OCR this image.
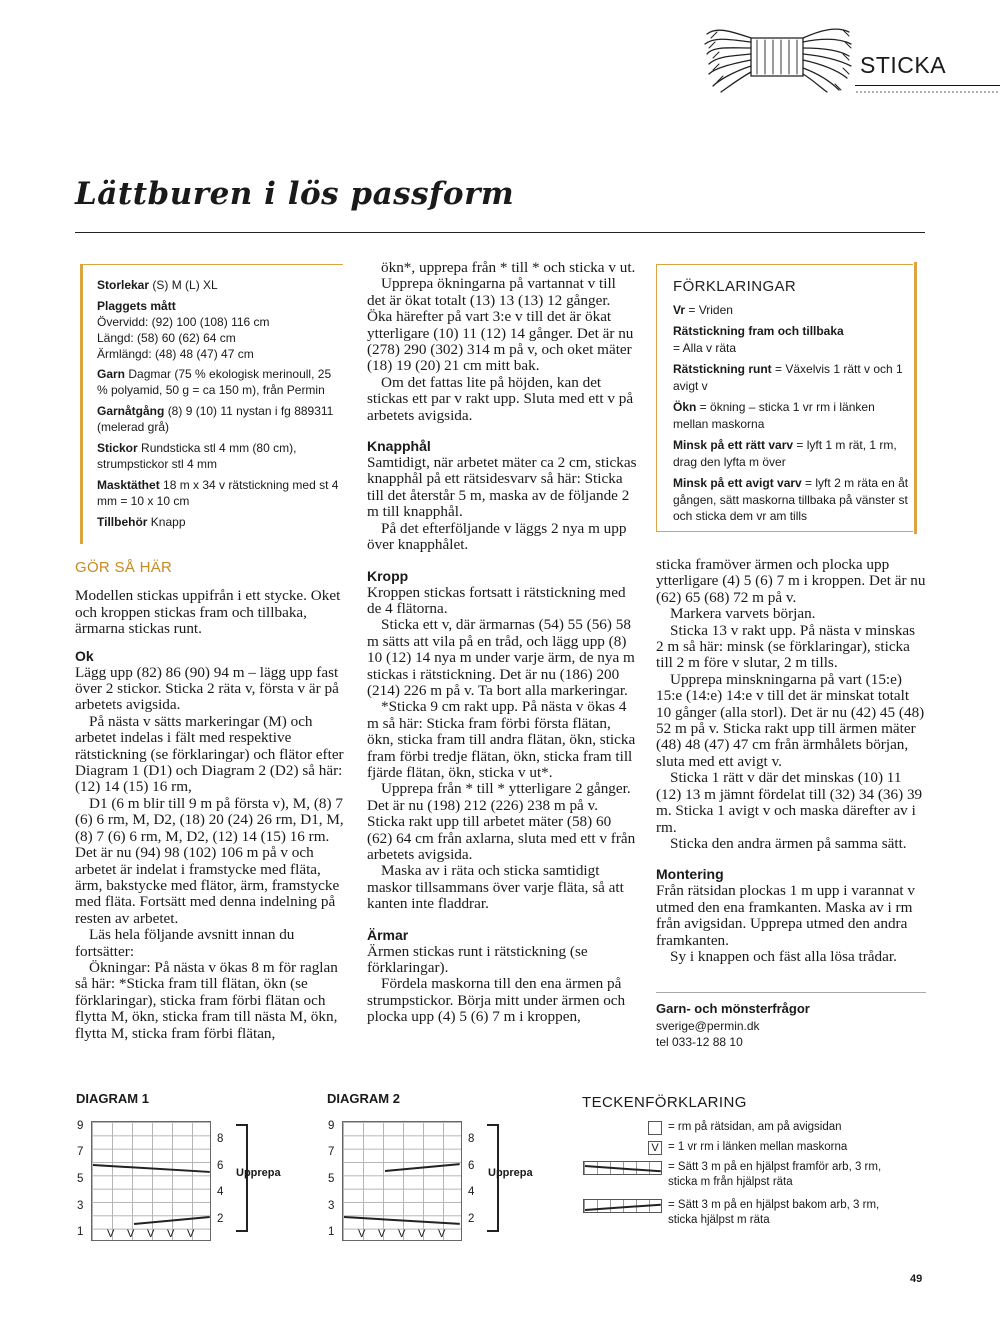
STICKA
Lättburen i lös passform

Storlekar (S) M (L) XL

Plaggets mått
Övervidd: (92) 100 (108) 116 cm
Längd: (58) 60 (62) 64 cm
Ärmlängd: (48) 48 (47) 47 cm

Garn Dagmar (75 % ekologisk merinoull, 25 % polyamid, 50 g = ca 150 m), från Permin

Garnåtgång (8) 9 (10) 11 nystan i fg 889311 (melerad grå)

Stickor Rundsticka stl 4 mm (80 cm), strumpstickor stl 4 mm

Masktäthet 18 m x 34 v rätstickning med st 4 mm = 10 x 10 cm

Tillbehör Knapp

GÖR SÅ HÄR

Modellen stickas uppifrån i ett stycke. Oket och kroppen stickas fram och tillbaka, ärmarna stickas runt.

Ok

Lägg upp (82) 86 (90) 94 m – lägg upp fast över 2 stickor. Sticka 2 räta v, första v är på arbetets avigsida.

På nästa v sätts markeringar (M) och arbetet indelas i fält med respektive rätstickning (se förklaringar) och flätor efter Diagram 1 (D1) och Diagram 2 (D2) så här: (12) 14 (15) 16 rm,

D1 (6 m blir till 9 m på första v), M, (8) 7 (6) 6 rm, M, D2, (18) 20 (24) 26 rm, D1, M, (8) 7 (6) 6 rm, M, D2, (12) 14 (15) 16 rm. Det är nu (94) 98 (102) 106 m på v och arbetet är indelat i framstycke med fläta, ärm, bakstycke med flätor, ärm, framstycke med fläta. Fortsätt med denna indelning på resten av arbetet.

Läs hela följande avsnitt innan du fortsätter:

Ökningar: På nästa v ökas 8 m för raglan så här: *Sticka fram till flätan, ökn (se förklaringar), sticka fram förbi flätan och flytta M, ökn, sticka fram till nästa M, ökn, flytta M, sticka fram förbi flätan,

ökn*, upprepa från * till * och sticka v ut.

Upprepa ökningarna på vartannat v till det är ökat totalt (13) 13 (13) 12 gånger. Öka härefter på vart 3:e v till det är ökat ytterligare (10) 11 (12) 14 gånger. Det är nu (278) 290 (302) 314 m på v, och oket mäter (18) 19 (20) 21 cm mitt bak.

Om det fattas lite på höjden, kan det stickas ett par v rakt upp. Sluta med ett v på arbetets avigsida.

Knapphål

Samtidigt, när arbetet mäter ca 2 cm, stickas knapphål på ett rätsidesvarv så här: Sticka till det återstår 5 m, maska av de följande 2 m till knapphål.

På det efterföljande v läggs 2 nya m upp över knapphålet.

Kropp

Kroppen stickas fortsatt i rätstickning med de 4 flätorna.

Sticka ett v, där ärmarnas (54) 55 (56) 58 m sätts att vila på en tråd, och lägg upp (8) 10 (12) 14 nya m under varje ärm, de nya m stickas i rätstickning. Det är nu (186) 200 (214) 226 m på v. Ta bort alla markeringar.

*Sticka 9 cm rakt upp. På nästa v ökas 4 m så här: Sticka fram förbi första flätan, ökn, sticka fram till andra flätan, ökn, sticka fram förbi tredje flätan, ökn, sticka fram till fjärde flätan, ökn, sticka v ut*.

Upprepa från * till * ytterligare 2 gånger. Det är nu (198) 212 (226) 238 m på v. Sticka rakt upp till arbetet mäter (58) 60 (62) 64 cm från axlarna, sluta med ett v från arbetets avigsida.

Maska av i räta och sticka samtidigt maskor tillsammans över varje fläta, så att kanten inte fladdrar.

Ärmar

Ärmen stickas runt i rätstickning (se förklaringar).

Fördela maskorna till den ena ärmen på strumpstickor. Börja mitt under ärmen och plocka upp (4) 5 (6) 7 m i kroppen,

FÖRKLARINGAR

Vr = Vriden

Rätstickning fram och tillbaka
= Alla v räta

Rätstickning runt = Växelvis 1 rätt v och 1 avigt v

Ökn = ökning – sticka 1 vr rm i länken mellan maskorna

Minsk på ett rätt varv = lyft 1 m rät, 1 rm, drag den lyfta m över

Minsk på ett avigt varv = lyft 2 m räta en åt gången, sätt maskorna tillbaka på vänster st och sticka dem vr am tills

sticka framöver ärmen och plocka upp ytterligare (4) 5 (6) 7 m i kroppen. Det är nu (62) 65 (68) 72 m på v.

Markera varvets början.

Sticka 13 v rakt upp. På nästa v minskas 2 m så här: minsk (se förklaringar), sticka till 2 m före v slutar, 2 m tills.

Upprepa minskningarna på vart (15:e) 15:e (14:e) 14:e v till det är minskat totalt 10 gånger (alla storl). Det är nu (42) 45 (48) 52 m på v. Sticka rakt upp till ärmen mäter (48) 48 (47) 47 cm från ärmhålets början, sluta med ett avigt v.

Sticka 1 rätt v där det minskas (10) 11 (12) 13 m jämnt fördelat till (32) 34 (36) 39 m. Sticka 1 avigt v och maska därefter av i rm.

Sticka den andra ärmen på samma sätt.

Montering

Från rätsidan plockas 1 m upp i varannat v utmed den ena framkanten. Maska av i rm från avigsidan. Upprepa utmed den andra framkanten.

Sy i knappen och fäst alla lösa trådar.

Garn- och mönsterfrågor
sverige@permin.dk
tel 033-12 88 10
DIAGRAM 1
9
7
5
3
1
8
6
4
2
Upprepa
V V V V V
DIAGRAM 2
9
7
5
3
1
8
6
4
2
Upprepa
V V V V V
TECKENFÖRKLARING
= rm på rätsidan, am på avigsidan
V = 1 vr rm i länken mellan maskorna
= Sätt 3 m på en hjälpst framför arb, 3 rm, sticka m från hjälpst räta
= Sätt 3 m på en hjälpst bakom arb, 3 rm, sticka hjälpst m räta
49
